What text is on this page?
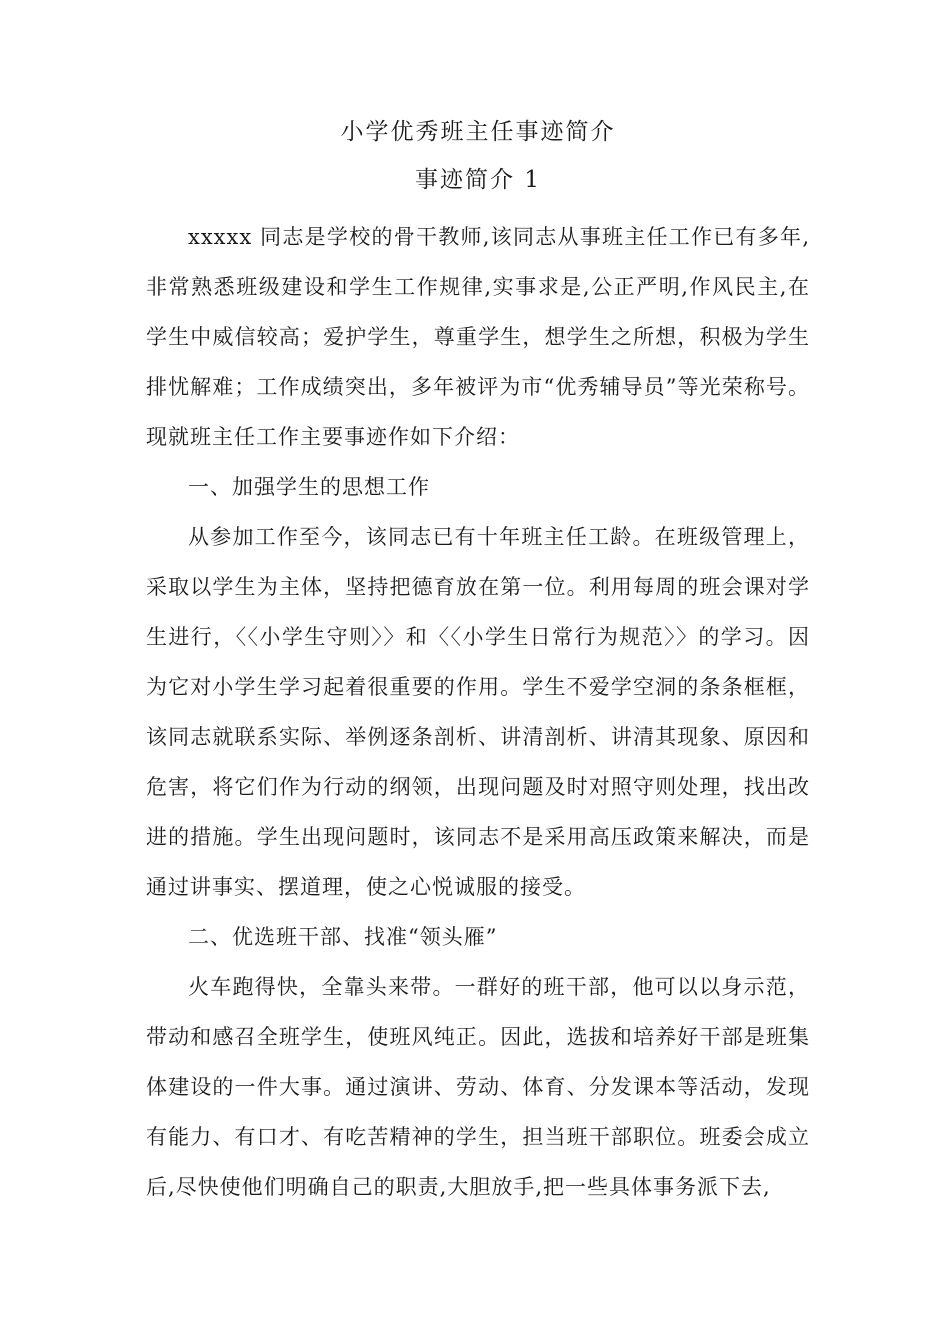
小学优秀班主任事迹简介
事迹简介 1

xxxxx 同志是学校的骨干教师,该同志从事班主任工作已有多年,非常熟悉班级建设和学生工作规律,实事求是,公正严明,作风民主,在学生中威信较高；爱护学生，尊重学生，想学生之所想，积极为学生排忧解难；工作成绩突出，多年被评为市“优秀辅导员”等光荣称号。现就班主任工作主要事迹作如下介绍：

一、加强学生的思想工作

从参加工作至今，该同志已有十年班主任工龄。在班级管理上，采取以学生为主体，坚持把德育放在第一位。利用每周的班会课对学生进行，〈〈小学生守则〉〉和〈〈小学生日常行为规范〉〉的学习。因为它对小学生学习起着很重要的作用。学生不爱学空洞的条条框框，该同志就联系实际、举例逐条剖析、讲清剖析、讲清其现象、原因和危害，将它们作为行动的纲领，出现问题及时对照守则处理，找出改进的措施。学生出现问题时，该同志不是采用高压政策来解决，而是通过讲事实、摆道理，使之心悦诚服的接受。

二、优选班干部、找准“领头雁”

火车跑得快，全靠头来带。一群好的班干部，他可以以身示范，带动和感召全班学生，使班风纯正。因此，选拔和培养好干部是班集体建设的一件大事。通过演讲、劳动、体育、分发课本等活动，发现有能力、有口才、有吃苦精神的学生，担当班干部职位。班委会成立后,尽快使他们明确自己的职责,大胆放手,把一些具体事务派下去,
